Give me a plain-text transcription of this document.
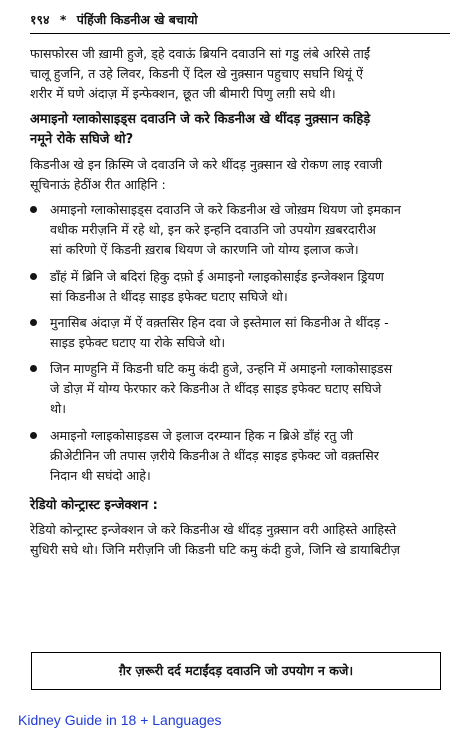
१९४ * पंहिंजी किडनीअ खे बचायो
फासफोरस जी ख़ामी हुजे, ड्हे दवाऊं ब्रियनि दवाउनि सां गडु लंबे अरिसे ताईं
चालू हुजनि, त उहे लिवर, किडनी ऐं दिल खे नुक़्सान पहुचाए सघनि थियूं ऐं
शरीर में घणे अंदाज़ में इन्फेक्शन, छूत जी बीमारी पिणु लग़ी सघे थी।
अमाइनो ग्लाकोसाइड्स दवाउनि जे करे किडनीअ खे थींदड़ नुक़्सान कहिड़े
नमूने रोके सघिजे थो?
किडनीअ खे इन क़िस्मि जे दवाउनि जे करे थींदड़ नुक़्सान खे रोकण लाइ रवाजी
सूचिनाऊं हेठींअ रीत आहिनि :
अमाइनो ग्लाकोसाइड्स दवाउनि जे करे किडनीअ खे जोख़म थियण जो इमकान
वधीक मरीज़नि में रहे थो, इन करे इन्हनि दवाउनि जो उपयोग ख़बरदारीअ
सां करिणो ऐं किडनी ख़राब थियण जे कारणनि जो योग्य इलाज कजे।
डॉंहं में ब्रिनि जे बदिरां हिकु दफ़ो ई अमाइनो ग्लाइकोसाईड इन्जेक्शन ड्रियण
सां किडनीअ ते थींदड़ साइड इफेक्ट घटाए सघिजे थो।
मुनासिब अंदाज़ में ऐं वक़्तसिर हिन दवा जे इस्तेमाल सां किडनीअ ते थींदड़ -
साइड इफेक्ट घटाए या रोके सघिजे थो।
जिन माण्हुनि में किडनी घटि कमु कंदी हुजे, उन्हनि में अमाइनो ग्लाकोसाइडस
जे डोज़ में योग्य फेरफार करे किडनीअ ते थींदड़ साइड इफेक्ट घटाए सघिजे
थो।
अमाइनो ग्लाइकोसाइडस जे इलाज दरम्यान हिक न ब्रिअे डॉंहं रतु जी
क्रीअेटीनिन जी तपास ज़रीये किडनीअ ते थींदड़ साइड इफेक्ट जो वक़्तसिर
निदान थी सघंदो आहे।
रेडियो कोन्ट्रास्ट इन्जेक्शन :
रेडियो कोन्ट्रास्ट इन्जेक्शन जे करे किडनीअ खे थींदड़ नुक़्सान वरी आहिस्ते आहिस्ते
सुधिरी सघे थो। जिनि मरीज़नि जी किडनी घटि कमु कंदी हुजे, जिनि खे डायाबिटीज़
ग़ैर ज़रूरी दर्द मटाईंदड़ दवाउनि जो उपयोग न कजे।
Kidney Guide in 18 + Languages
